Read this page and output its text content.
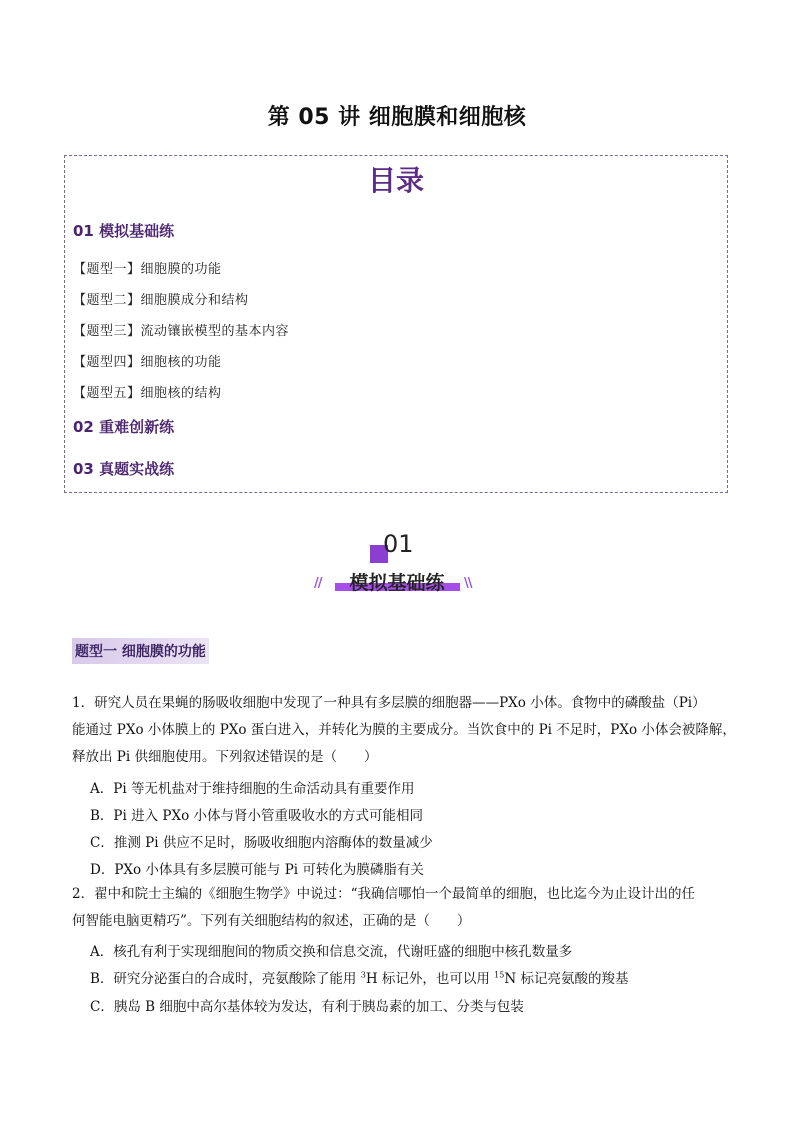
第 05 讲 细胞膜和细胞核
目录
01 模拟基础练
【题型一】细胞膜的功能
【题型二】细胞膜成分和结构
【题型三】流动镶嵌模型的基本内容
【题型四】细胞核的功能
【题型五】细胞核的结构
02 重难创新练
03 真题实战练
01
//	模拟基础练	\\
题型一 细胞膜的功能
1．研究人员在果蝇的肠吸收细胞中发现了一种具有多层膜的细胞器——PXo 小体。食物中的磷酸盐（Pi）
能通过 PXo 小体膜上的 PXo 蛋白进入，并转化为膜的主要成分。当饮食中的 Pi 不足时，PXo 小体会被降解，
释放出 Pi 供细胞使用。下列叙述错误的是（　　）
A．Pi 等无机盐对于维持细胞的生命活动具有重要作用
B．Pi 进入 PXo 小体与肾小管重吸收水的方式可能相同
C．推测 Pi 供应不足时，肠吸收细胞内溶酶体的数量减少
D．PXo 小体具有多层膜可能与 Pi 可转化为膜磷脂有关
2．翟中和院士主编的《细胞生物学》中说过：“我确信哪怕一个最简单的细胞，也比迄今为止设计出的任
何智能电脑更精巧”。下列有关细胞结构的叙述，正确的是（　　）
A．核孔有利于实现细胞间的物质交换和信息交流，代谢旺盛的细胞中核孔数量多
B．研究分泌蛋白的合成时，亮氨酸除了能用 $^3$H 标记外，也可以用 $^{15}$N 标记亮氨酸的羧基
C．胰岛 B 细胞中高尔基体较为发达，有利于胰岛素的加工、分类与包装
